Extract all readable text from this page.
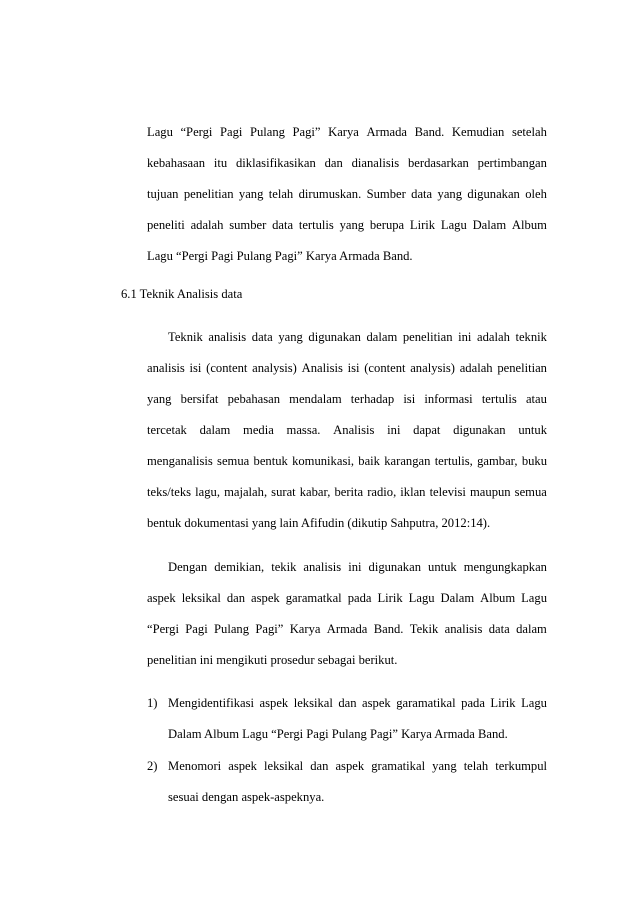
Lagu “Pergi Pagi Pulang Pagi” Karya Armada Band. Kemudian setelah
kebahasaan itu diklasifikasikan dan dianalisis berdasarkan pertimbangan
tujuan penelitian yang telah dirumuskan. Sumber data yang digunakan oleh
peneliti adalah sumber data tertulis yang berupa Lirik Lagu Dalam Album
Lagu “Pergi Pagi Pulang Pagi” Karya Armada Band.
6.1 Teknik Analisis data
Teknik analisis data yang digunakan dalam penelitian ini adalah teknik
analisis isi (content analysis) Analisis isi (content analysis) adalah penelitian
yang bersifat pebahasan mendalam terhadap isi informasi tertulis atau
tercetak dalam media massa. Analisis ini dapat digunakan untuk
menganalisis semua bentuk komunikasi, baik karangan tertulis, gambar, buku
teks/teks lagu, majalah, surat kabar, berita radio, iklan televisi maupun semua
bentuk dokumentasi yang lain Afifudin (dikutip Sahputra, 2012:14).
Dengan demikian, tekik analisis ini digunakan untuk mengungkapkan
aspek leksikal dan aspek garamatkal pada Lirik Lagu Dalam Album Lagu
“Pergi Pagi Pulang Pagi” Karya Armada Band. Tekik analisis data dalam
penelitian ini mengikuti prosedur sebagai berikut.
1) Mengidentifikasi aspek leksikal dan aspek garamatikal pada Lirik Lagu
Dalam Album Lagu “Pergi Pagi Pulang Pagi” Karya Armada Band.
2) Menomori aspek leksikal dan aspek gramatikal yang telah terkumpul
sesuai dengan aspek-aspeknya.
